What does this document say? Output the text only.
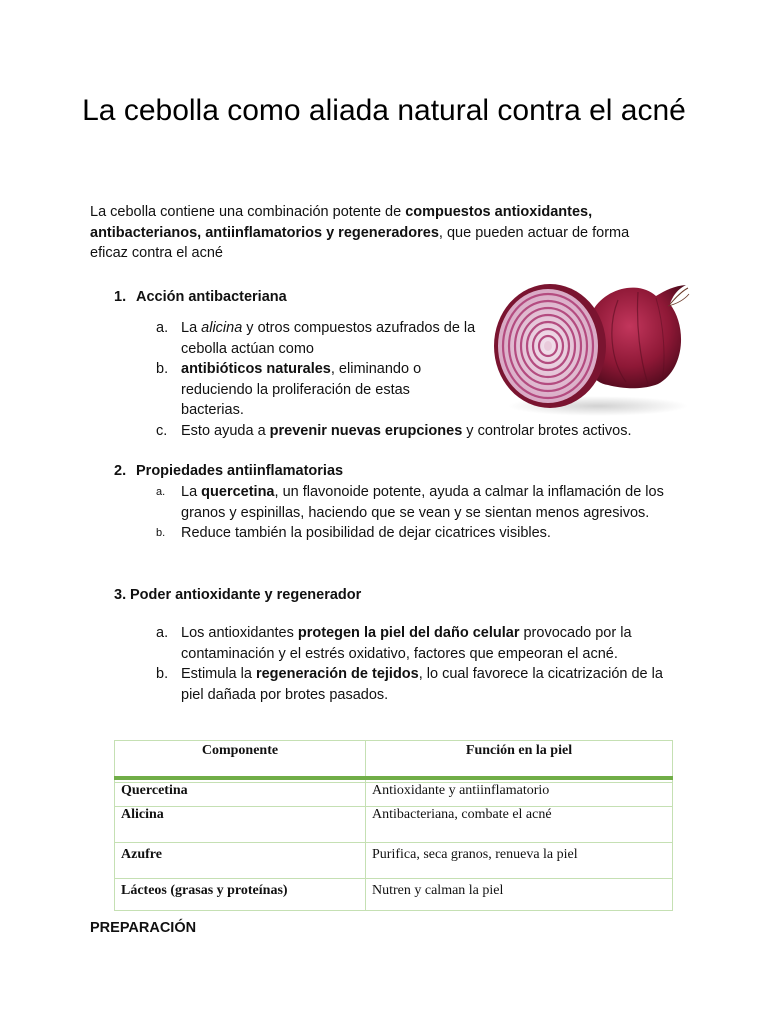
La cebolla como aliada natural contra el acné

La cebolla contiene una combinación potente de compuestos antioxidantes, antibacterianos, antiinflamatorios y regeneradores, que pueden actuar de forma eficaz contra el acné

1. Acción antibacteriana

a. La alicina y otros compuestos azufrados de la cebolla actúan como
b. antibióticos naturales, eliminando o reduciendo la proliferación de estas bacterias.
c. Esto ayuda a prevenir nuevas erupciones y controlar brotes activos.

2. Propiedades antiinflamatorias

a. La quercetina, un flavonoide potente, ayuda a calmar la inflamación de los granos y espinillas, haciendo que se vean y se sientan menos agresivos.
b. Reduce también la posibilidad de dejar cicatrices visibles.

3. Poder antioxidante y regenerador

a. Los antioxidantes protegen la piel del daño celular provocado por la contaminación y el estrés oxidativo, factores que empeoran el acné.
b. Estimula la regeneración de tejidos, lo cual favorece la cicatrización de la piel dañada por brotes pasados.
Componente	Función en la piel

Quercetina	Antioxidante y antiinflamatorio
Alicina	Antibacteriana, combate el acné
Azufre	Purifica, seca granos, renueva la piel
Lácteos (grasas y proteínas)	Nutren y calman la piel

PREPARACIÓN
